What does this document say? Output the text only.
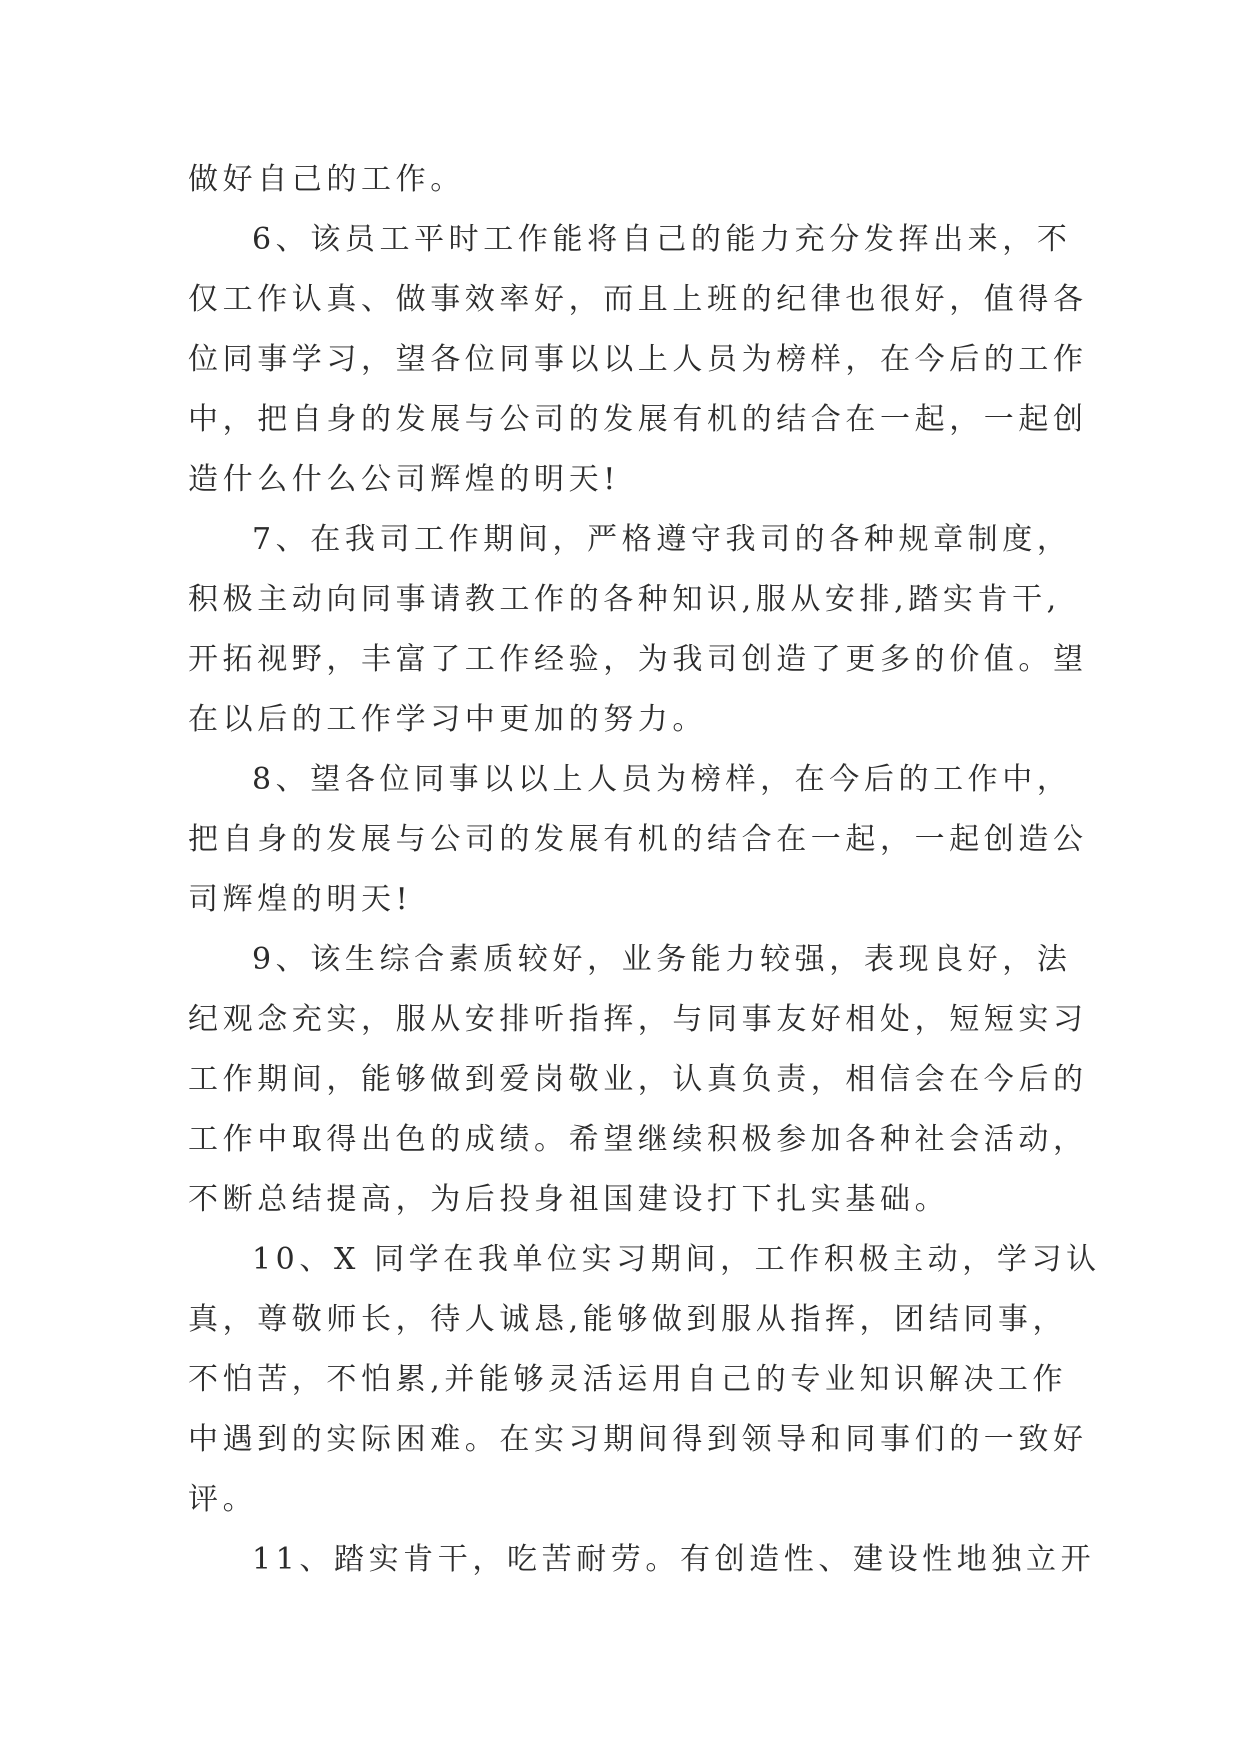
做好自己的工作。
6、该员工平时工作能将自己的能力充分发挥出来，不
仅工作认真、做事效率好，而且上班的纪律也很好，值得各
位同事学习，望各位同事以以上人员为榜样，在今后的工作
中，把自身的发展与公司的发展有机的结合在一起，一起创
造什么什么公司辉煌的明天!
7、在我司工作期间，严格遵守我司的各种规章制度，
积极主动向同事请教工作的各种知识,服从安排,踏实肯干,
开拓视野，丰富了工作经验，为我司创造了更多的价值。望
在以后的工作学习中更加的努力。
8、望各位同事以以上人员为榜样，在今后的工作中，
把自身的发展与公司的发展有机的结合在一起，一起创造公
司辉煌的明天!
9、该生综合素质较好，业务能力较强，表现良好，法
纪观念充实，服从安排听指挥，与同事友好相处，短短实习
工作期间，能够做到爱岗敬业，认真负责，相信会在今后的
工作中取得出色的成绩。希望继续积极参加各种社会活动，
不断总结提高，为后投身祖国建设打下扎实基础。
10、X 同学在我单位实习期间，工作积极主动，学习认
真，尊敬师长，待人诚恳,能够做到服从指挥，团结同事，
不怕苦，不怕累,并能够灵活运用自己的专业知识解决工作
中遇到的实际困难。在实习期间得到领导和同事们的一致好
评。
11、踏实肯干，吃苦耐劳。有创造性、建设性地独立开
